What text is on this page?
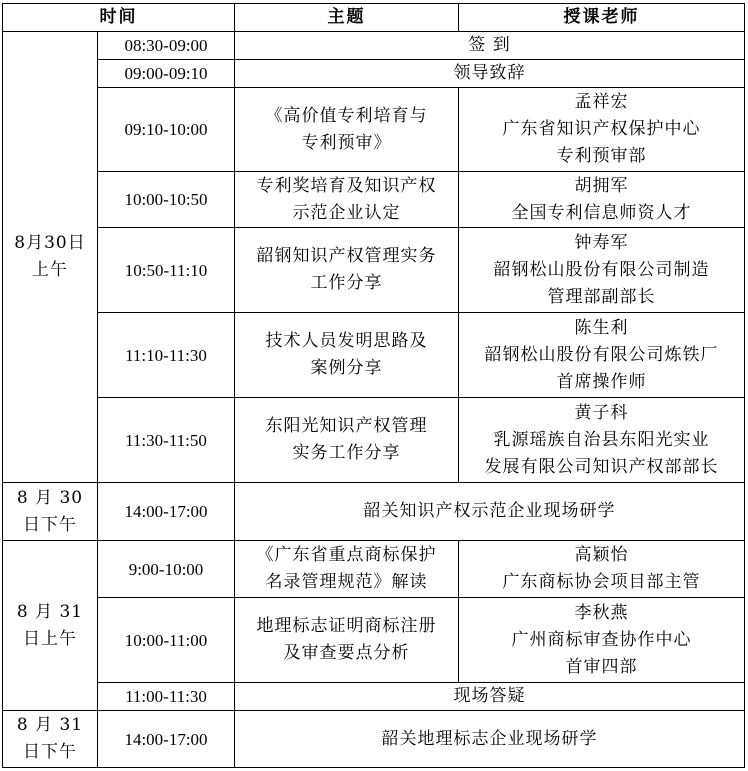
时间		主题	授课老师

8月30日
上午	08:30-09:00	签 到	

	09:00-09:10	领导致辞	

	09:10-10:00	《高价值专利培育与
专利预审》	孟祥宏
广东省知识产权保护中心
专利预审部

	10:00-10:50	专利奖培育及知识产权
示范企业认定	胡拥军
全国专利信息师资人才

	10:50-11:10	韶钢知识产权管理实务
工作分享	钟寿军
韶钢松山股份有限公司制造
管理部副部长

	11:10-11:30	技术人员发明思路及
案例分享	陈生利
韶钢松山股份有限公司炼铁厂
首席操作师

	11:30-11:50	东阳光知识产权管理
实务工作分享	黄子科
乳源瑶族自治县东阳光实业
发展有限公司知识产权部部长

8 月 30
日下午	14:00-17:00	韶关知识产权示范企业现场研学	

8 月 31
日上午	9:00-10:00	《广东省重点商标保护
名录管理规范》解读	高颖怡
广东商标协会项目部主管

	10:00-11:00	地理标志证明商标注册
及审查要点分析	李秋燕
广州商标审查协作中心
首审四部

	11:00-11:30	现场答疑	

8 月 31
日下午	14:00-17:00	韶关地理标志企业现场研学	
